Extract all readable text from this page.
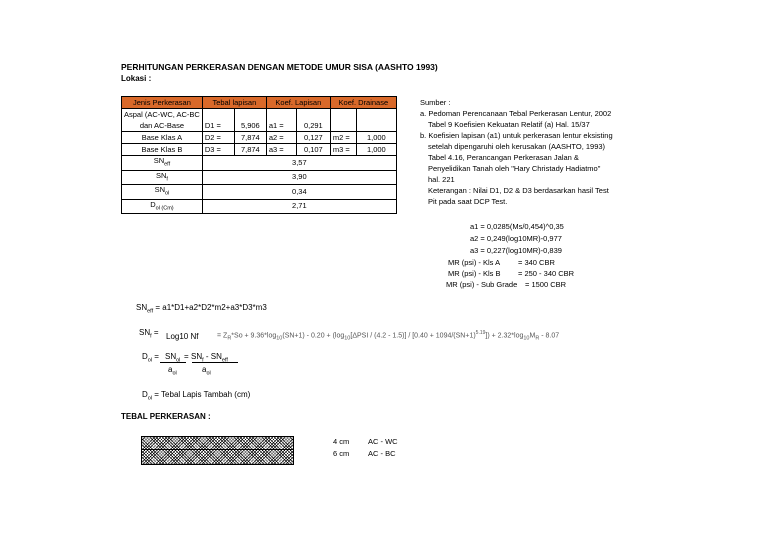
PERHITUNGAN PERKERASAN DENGAN METODE UMUR SISA (AASHTO 1993)
Lokasi :
Jenis Perkerasan	Tebal lapisan		Koef. Lapisan		Koef. Drainase	

Aspal (AC-WC, AC-BC
dan AC-Base	D1 =	5,906	a1 =	0,291		
Base Klas A	D2 =	7,874	a2 =	0,127	m2 =	1,000
Base Klas B	D3 =	7,874	a3 =	0,107	m3 =	1,000
$SN_{eff}$	3,57					
$SN_f$	3,90					
$SN_{ol}$	0,34					
$D_{ol (Cm)}$	2,71					
Sumber :
a. Pedoman Perencanaan Tebal Perkerasan Lentur, 2002
Tabel 9 Koefisien Kekuatan Relatif (a) Hal. 15/37
b. Koefisien lapisan (a1) untuk perkerasan lentur eksisting
setelah dipengaruhi oleh kerusakan (AASHTO, 1993)
Tabel 4.16, Perancangan Perkerasan Jalan &
Penyelidikan Tanah oleh "Hary Christady Hadiatmo"
hal. 221
Keterangan : Nilai D1, D2 & D3 berdasarkan hasil Test
Pit pada saat DCP Test.
a1 = 0,0285(Ms/0,454)^0,35
a2 = 0,249(log10MR)-0,977
a3 = 0,227(log10MR)-0,839
MR (psi) - Kls A = 340 CBR
MR (psi) - Kls B = 250 - 340 CBR
MR (psi) - Sub Grade = 1500 CBR
$SN_{eff} = a1*D1+a2*D2*m2+a3*D3*m3$
$SN_f = Log10$ Nf	= $Z_R*So + 9.36*\log_{10}(SN+1) - 0.20 + (\log_{10}[\Delta PSI / (4.2 - 1.5)] / [0.40 + 1094/(SN+1)^{5.19}]) + 2.32*\log_{10}M_R - 8.07$
$D_{ol} = SN_{ol} = SN_f - SN_{eff}$
$a_{ol}$	$a_{ol}$
$D_{ol}$ = Tebal Lapis Tambah (cm)
TEBAL PERKERASAN :
4 cm AC - WC
6 cm AC - BC
